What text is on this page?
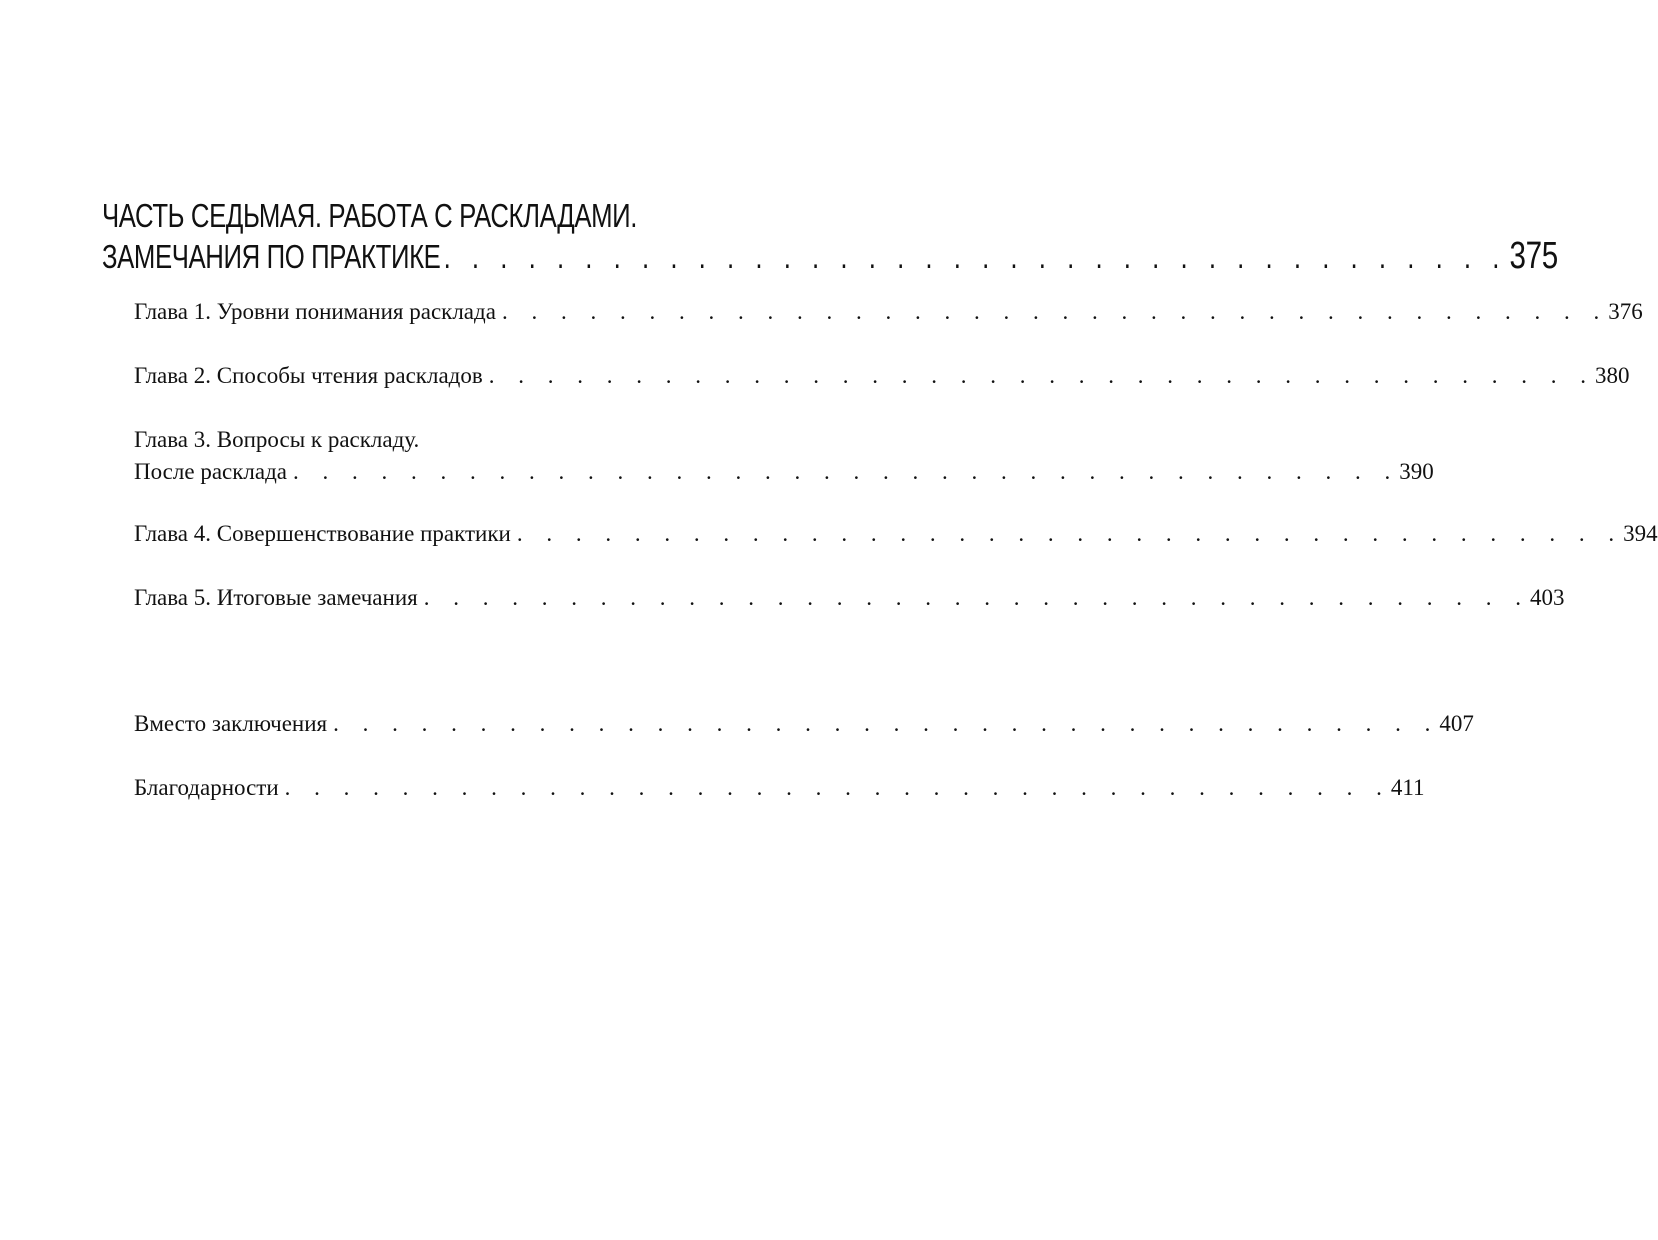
ЧАСТЬ СЕДЬМАЯ. РАБОТА С РАСКЛАДАМИ.
ЗАМЕЧАНИЯ ПО ПРАКТИКЕ . . . . . . . . . . . . . . . . . . . . . . . . . . . . . . . . . . . . . . 375
Глава 1. Уровни понимания расклада . . . . . . . . . . . . . . . . . . . . . . . . . . . . . . . . . . . . . . 376
Глава 2. Способы чтения раскладов . . . . . . . . . . . . . . . . . . . . . . . . . . . . . . . . . . . . . . 380
Глава 3. Вопросы к раскладу.
После расклада . . . . . . . . . . . . . . . . . . . . . . . . . . . . . . . . . . . . . . 390
Глава 4. Совершенствование практики . . . . . . . . . . . . . . . . . . . . . . . . . . . . . . . . . . . . . . 394
Глава 5. Итоговые замечания . . . . . . . . . . . . . . . . . . . . . . . . . . . . . . . . . . . . . . 403
Вместо заключения . . . . . . . . . . . . . . . . . . . . . . . . . . . . . . . . . . . . . . 407
Благодарности . . . . . . . . . . . . . . . . . . . . . . . . . . . . . . . . . . . . . . 411
